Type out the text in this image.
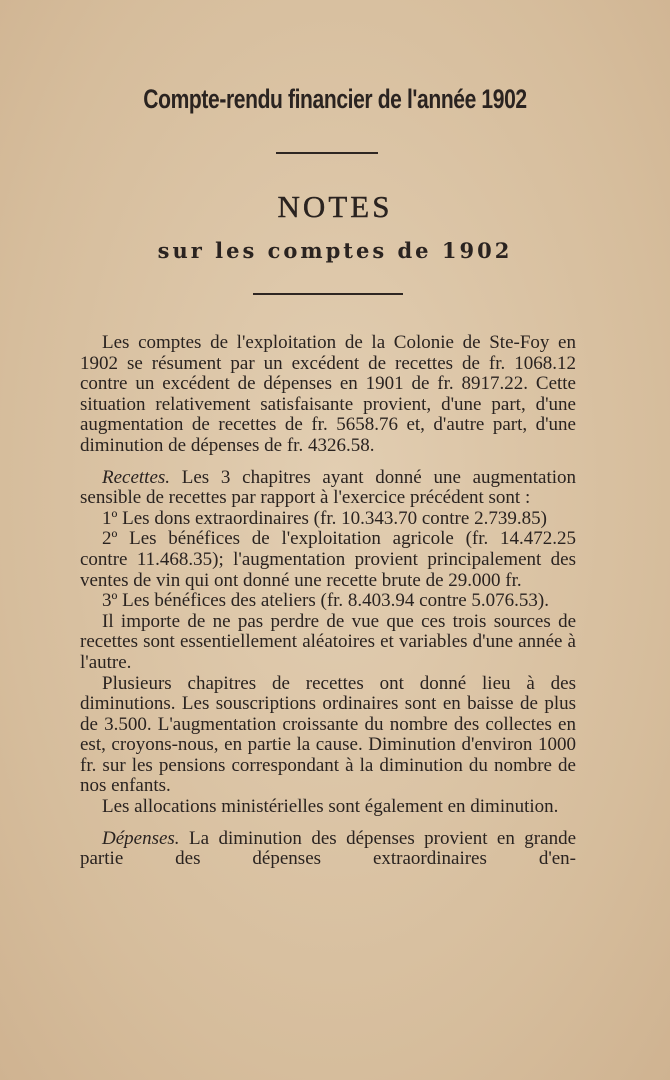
Compte-rendu financier de l'année 1902
NOTES
sur les comptes de 1902

Les comptes de l'exploitation de la Colonie de Ste-Foy en 1902 se résument par un excédent de recettes de fr. 1068.12 contre un excédent de dépenses en 1901 de fr. 8917.22. Cette situation relativement satisfaisante provient, d'une part, d'une augmentation de recettes de fr. 5658.76 et, d'autre part, d'une diminution de dépenses de fr. 4326.58.

Recettes. Les 3 chapitres ayant donné une augmentation sensible de recettes par rapport à l'exercice précédent sont :

1º Les dons extraordinaires (fr. 10.343.70 contre 2.739.85)

2º Les bénéfices de l'exploitation agricole (fr. 14.472.25 contre 11.468.35); l'augmentation provient principalement des ventes de vin qui ont donné une recette brute de 29.000 fr.

3º Les bénéfices des ateliers (fr. 8.403.94 contre 5.076.53).

Il importe de ne pas perdre de vue que ces trois sources de recettes sont essentiellement aléatoires et variables d'une année à l'autre.

Plusieurs chapitres de recettes ont donné lieu à des diminutions. Les souscriptions ordinaires sont en baisse de plus de 3.500. L'augmentation croissante du nombre des collectes en est, croyons-nous, en partie la cause. Diminution d'environ 1000 fr. sur les pensions correspondant à la diminution du nombre de nos enfants.

Les allocations ministérielles sont également en diminution.

Dépenses. La diminution des dépenses provient en grande partie des dépenses extraordinaires d'en-
